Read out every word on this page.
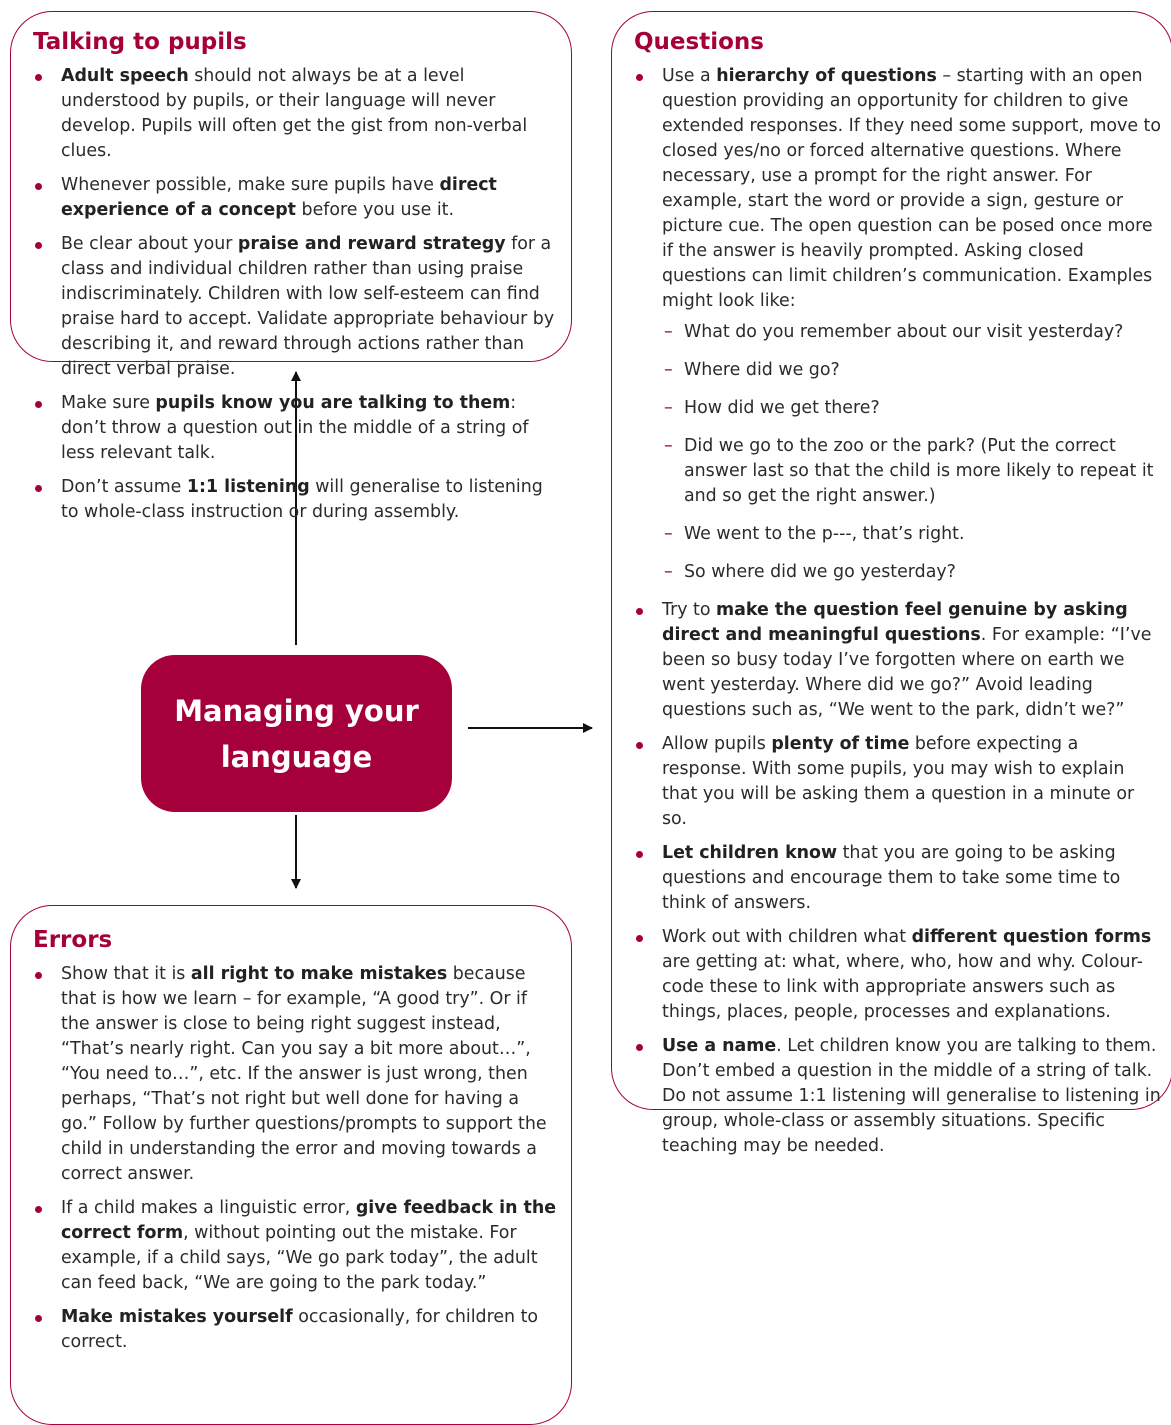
Talking to pupils
Adult speech should not always be at a level understood by pupils, or their language will never develop. Pupils will often get the gist from non-verbal clues.
Whenever possible, make sure pupils have direct experience of a concept before you use it.
Be clear about your praise and reward strategy for a class and individual children rather than using praise indiscriminately. Children with low self-esteem can find praise hard to accept. Validate appropriate behaviour by describing it, and reward through actions rather than direct verbal praise.
Make sure pupils know you are talking to them: don’t throw a question out in the middle of a string of less relevant talk.
Don’t assume 1:1 listening will generalise to listening to whole-class instruction or during assembly.
Questions
Use a hierarchy of questions – starting with an open question providing an opportunity for children to give extended responses. If they need some support, move to closed yes/no or forced alternative questions. Where necessary, use a prompt for the right answer. For example, start the word or provide a sign, gesture or picture cue. The open question can be posed once more if the answer is heavily prompted. Asking closed questions can limit children’s communication. Examples might look like:
– What do you remember about our visit yesterday?
– Where did we go?
– How did we get there?
– Did we go to the zoo or the park? (Put the correct answer last so that the child is more likely to repeat it and so get the right answer.)
– We went to the p---, that’s right.
– So where did we go yesterday?
Try to make the question feel genuine by asking direct and meaningful questions. For example: “I’ve been so busy today I’ve forgotten where on earth we went yesterday. Where did we go?” Avoid leading questions such as, “We went to the park, didn’t we?”
Allow pupils plenty of time before expecting a response. With some pupils, you may wish to explain that you will be asking them a question in a minute or so.
Let children know that you are going to be asking questions and encourage them to take some time to think of answers.
Work out with children what different question forms are getting at: what, where, who, how and why. Colour-code these to link with appropriate answers such as things, places, people, processes and explanations.
Use a name. Let children know you are talking to them. Don’t embed a question in the middle of a string of talk. Do not assume 1:1 listening will generalise to listening in group, whole-class or assembly situations. Specific teaching may be needed.
Managing your language
Errors
Show that it is all right to make mistakes because that is how we learn – for example, “A good try”. Or if the answer is close to being right suggest instead, “That’s nearly right. Can you say a bit more about…”, “You need to…”, etc. If the answer is just wrong, then perhaps, “That’s not right but well done for having a go.” Follow by further questions/prompts to support the child in understanding the error and moving towards a correct answer.
If a child makes a linguistic error, give feedback in the correct form, without pointing out the mistake. For example, if a child says, “We go park today”, the adult can feed back, “We are going to the park today.”
Make mistakes yourself occasionally, for children to correct.
